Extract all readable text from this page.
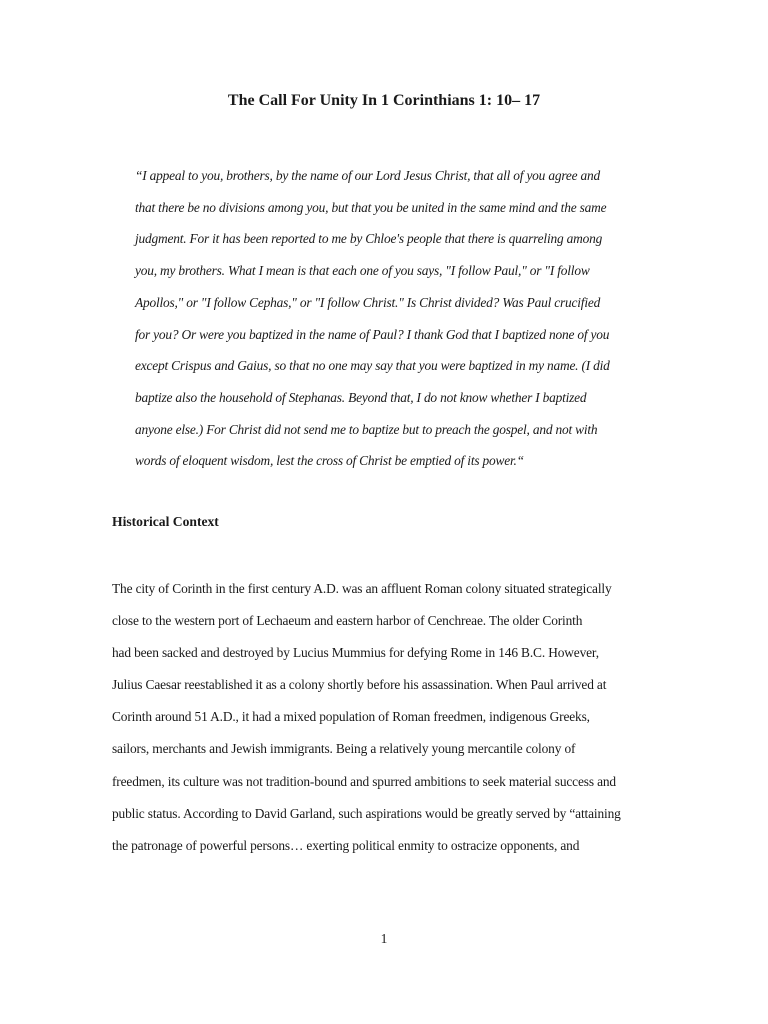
The Call For Unity In 1 Corinthians 1: 10– 17
“I appeal to you, brothers, by the name of our Lord Jesus Christ, that all of you agree and
that there be no divisions among you, but that you be united in the same mind and the same
judgment. For it has been reported to me by Chloe's people that there is quarreling among
you, my brothers. What I mean is that each one of you says, "I follow Paul," or "I follow
Apollos," or "I follow Cephas," or "I follow Christ." Is Christ divided? Was Paul crucified
for you? Or were you baptized in the name of Paul? I thank God that I baptized none of you
except Crispus and Gaius, so that no one may say that you were baptized in my name. (I did
baptize also the household of Stephanas. Beyond that, I do not know whether I baptized
anyone else.) For Christ did not send me to baptize but to preach the gospel, and not with
words of eloquent wisdom, lest the cross of Christ be emptied of its power.“
Historical Context
The city of Corinth in the first century A.D. was an affluent Roman colony situated strategically
close to the western port of Lechaeum and eastern harbor of Cenchreae. The older Corinth
had been sacked and destroyed by Lucius Mummius for defying Rome in 146 B.C. However,
Julius Caesar reestablished it as a colony shortly before his assassination. When Paul arrived at
Corinth around 51 A.D., it had a mixed population of Roman freedmen, indigenous Greeks,
sailors, merchants and Jewish immigrants. Being a relatively young mercantile colony of
freedmen, its culture was not tradition-bound and spurred ambitions to seek material success and
public status. According to David Garland, such aspirations would be greatly served by “attaining
the patronage of powerful persons… exerting political enmity to ostracize opponents, and
1
